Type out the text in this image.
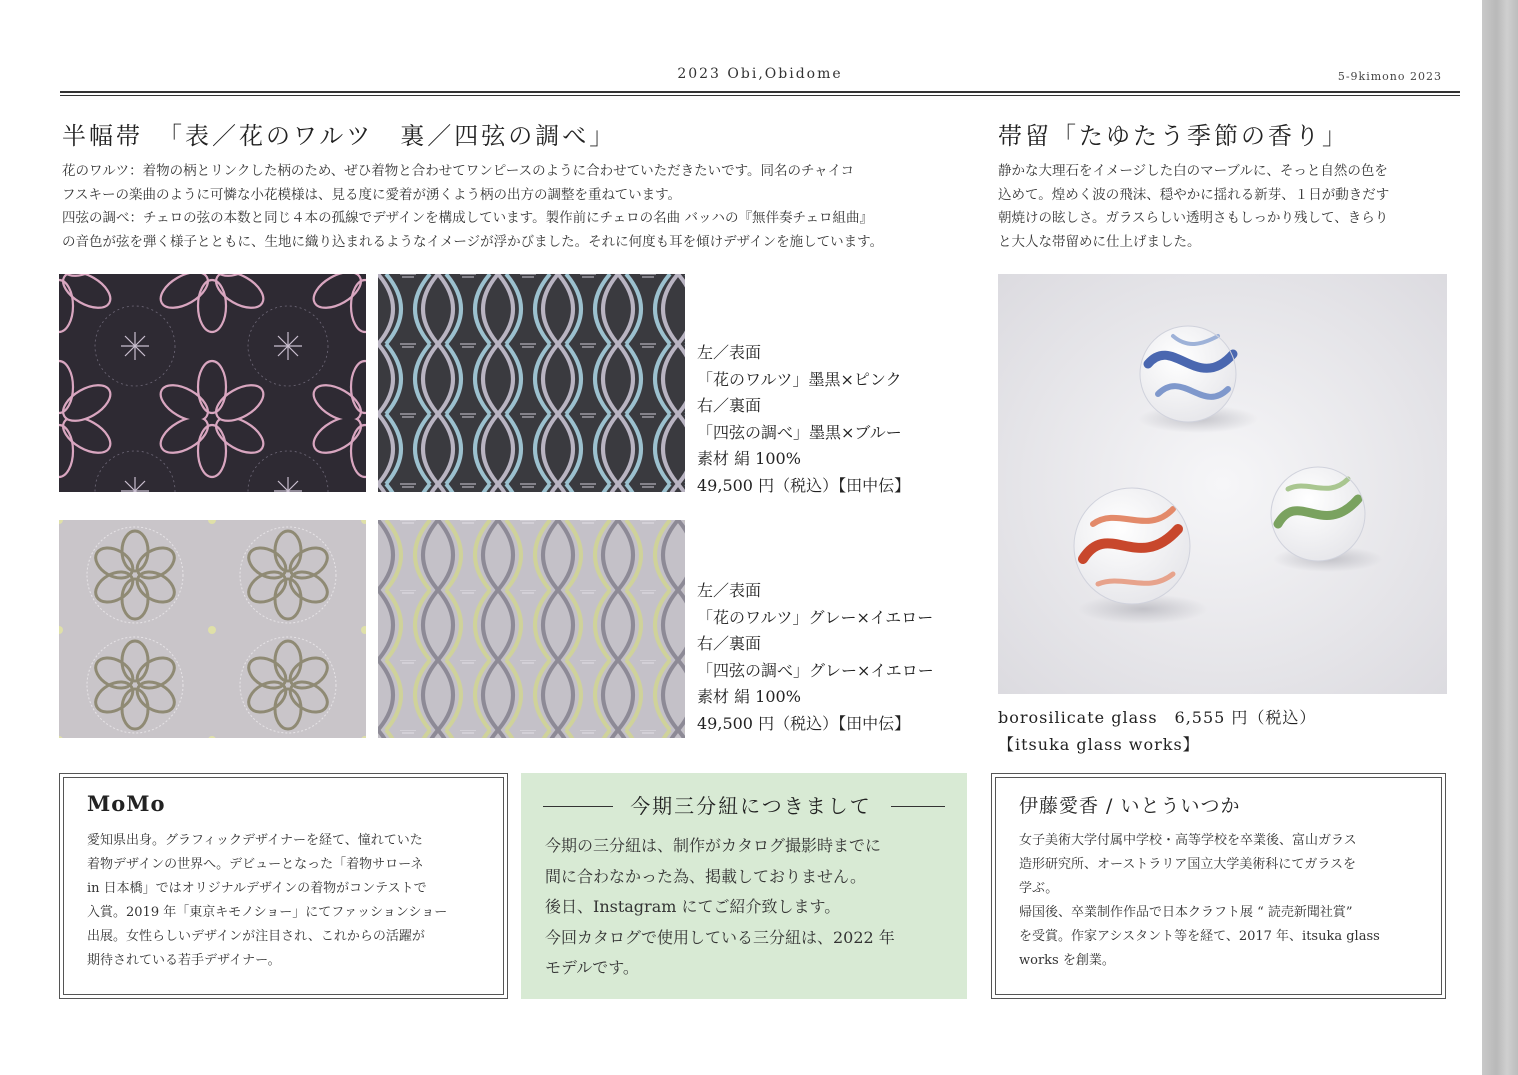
2023 Obi,Obidome	5-9kimono 2023
半幅帯　「表／花のワルツ　裏／四弦の調べ」
花のワルツ：着物の柄とリンクした柄のため、ぜひ着物と合わせてワンピースのように合わせていただきたいです。同名のチャイコ
フスキーの楽曲のように可憐な小花模様は、見る度に愛着が湧くよう柄の出方の調整を重ねています。
四弦の調べ：チェロの弦の本数と同じ４本の孤線でデザインを構成しています。製作前にチェロの名曲 バッハの『無伴奏チェロ組曲』
の音色が弦を弾く様子とともに、生地に織り込まれるようなイメージが浮かびました。それに何度も耳を傾けデザインを施しています。
左／表面
「花のワルツ」墨黒×ピンク
右／裏面
「四弦の調べ」墨黒×ブルー
素材 絹 100%
49,500 円（税込）【田中伝】
左／表面
「花のワルツ」グレー×イエロー
右／裏面
「四弦の調べ」グレー×イエロー
素材 絹 100%
49,500 円（税込）【田中伝】
帯留「たゆたう季節の香り」
静かな大理石をイメージした白のマーブルに、そっと自然の色を
込めて。煌めく波の飛沫、穏やかに揺れる新芽、１日が動きだす
朝焼けの眩しさ。ガラスらしい透明さもしっかり残して、きらり
と大人な帯留めに仕上げました。
borosilicate glass　6,555 円（税込）
【itsuka glass works】
MoMo
愛知県出身。グラフィックデザイナーを経て、憧れていた
着物デザインの世界へ。デビューとなった「着物サローネ
in 日本橋」ではオリジナルデザインの着物がコンテストで
入賞。2019 年「東京キモノショー」にてファッションショー
出展。女性らしいデザインが注目され、これからの活躍が
期待されている若手デザイナー。
今期三分紐につきまして
今期の三分紐は、制作がカタログ撮影時までに
間に合わなかった為、掲載しておりません。
後日、Instagram にてご紹介致します。
今回カタログで使用している三分紐は、2022 年
モデルです。
伊藤愛香 / いとういつか
女子美術大学付属中学校・高等学校を卒業後、富山ガラス
造形研究所、オーストラリア国立大学美術科にてガラスを
学ぶ。
帰国後、卒業制作作品で日本クラフト展 “ 読売新聞社賞”
を受賞。作家アシスタント等を経て、2017 年、itsuka glass
works を創業。
